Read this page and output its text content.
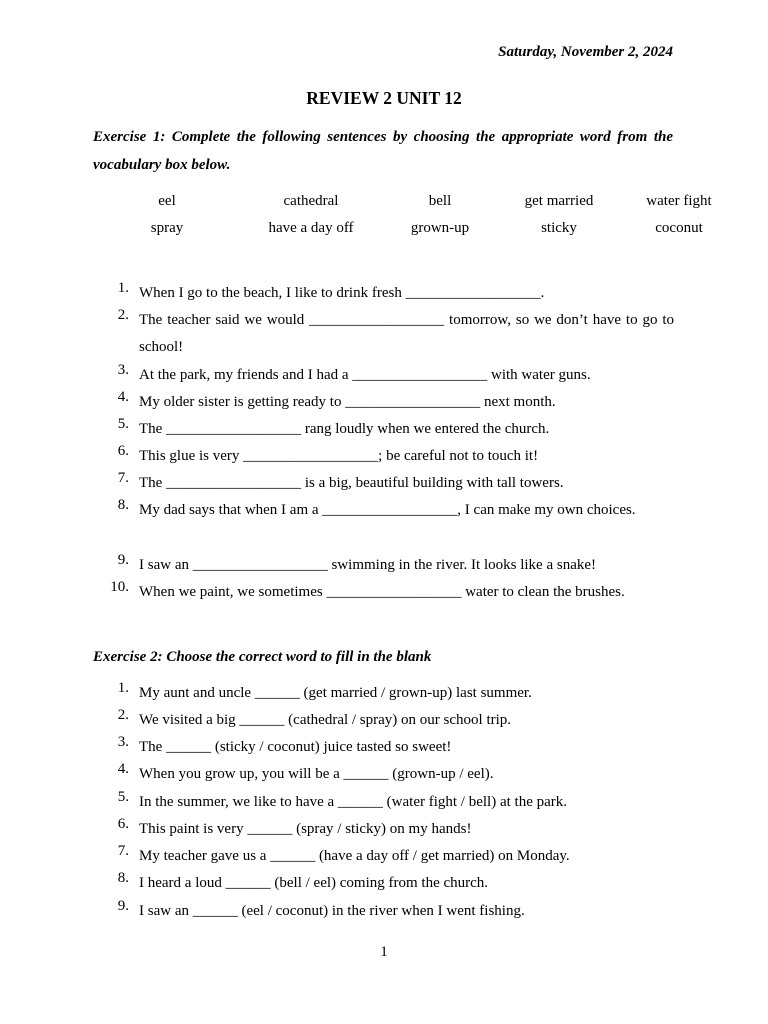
Saturday, November 2, 2024
REVIEW 2 UNIT 12
Exercise 1: Complete the following sentences by choosing the appropriate word from the vocabulary box below.
eel	cathedral	bell	get married	water fight
spray	have a day off	grown-up	sticky	coconut
1. When I go to the beach, I like to drink fresh __________________.
2. The teacher said we would __________________ tomorrow, so we don’t have to go to school!
3. At the park, my friends and I had a __________________ with water guns.
4. My older sister is getting ready to __________________ next month.
5. The __________________ rang loudly when we entered the church.
6. This glue is very __________________; be careful not to touch it!
7. The __________________ is a big, beautiful building with tall towers.
8. My dad says that when I am a __________________, I can make my own choices.
9. I saw an __________________ swimming in the river. It looks like a snake!
10. When we paint, we sometimes __________________ water to clean the brushes.
Exercise 2: Choose the correct word to fill in the blank
1. My aunt and uncle ______ (get married / grown-up) last summer.
2. We visited a big ______ (cathedral / spray) on our school trip.
3. The ______ (sticky / coconut) juice tasted so sweet!
4. When you grow up, you will be a ______ (grown-up / eel).
5. In the summer, we like to have a ______ (water fight / bell) at the park.
6. This paint is very ______ (spray / sticky) on my hands!
7. My teacher gave us a ______ (have a day off / get married) on Monday.
8. I heard a loud ______ (bell / eel) coming from the church.
9. I saw an ______ (eel / coconut) in the river when I went fishing.
1
